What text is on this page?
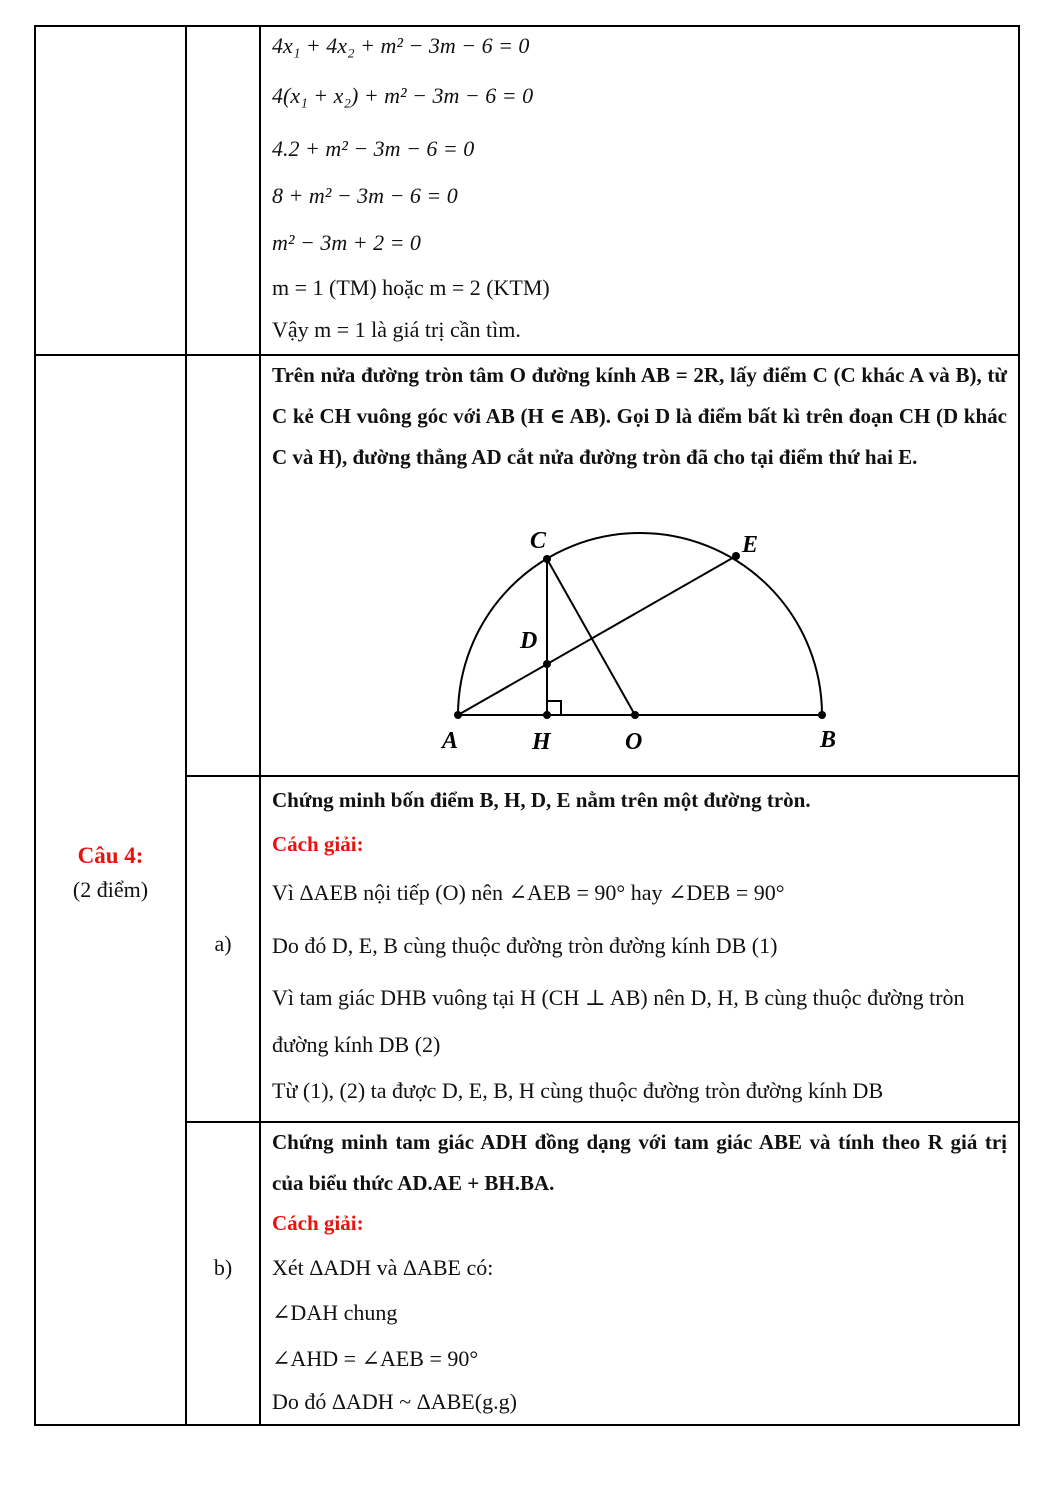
4x₁ + 4x₂ + m² − 3m − 6 = 0
4(x₁ + x₂) + m² − 3m − 6 = 0
4.2 + m² − 3m − 6 = 0
8 + m² − 3m − 6 = 0
m² − 3m + 2 = 0
m = 1 (TM) hoặc m = 2 (KTM)
Vậy m = 1 là giá trị cần tìm.
Câu 4:
(2 điểm)
Trên nửa đường tròn tâm O đường kính AB = 2R, lấy điểm C (C khác A và B), từ C kẻ CH vuông góc với AB (H ∈ AB). Gọi D là điểm bất kì trên đoạn CH (D khác C và H), đường thẳng AD cắt nửa đường tròn đã cho tại điểm thứ hai E.
C	E
D
A	H	O	B
a)
Chứng minh bốn điểm B, H, D, E nằm trên một đường tròn.
Cách giải:
Vì ΔAEB nội tiếp (O) nên ∠AEB = 90° hay ∠DEB = 90°
Do đó D, E, B cùng thuộc đường tròn đường kính DB (1)
Vì tam giác DHB vuông tại H (CH ⊥ AB) nên D, H, B cùng thuộc đường tròn
đường kính DB (2)
Từ (1), (2) ta được D, E, B, H cùng thuộc đường tròn đường kính DB
b)
Chứng minh tam giác ADH đồng dạng với tam giác ABE và tính theo R giá trị của biểu thức AD.AE + BH.BA.
Cách giải:
Xét ΔADH và ΔABE có:
∠DAH chung
∠AHD = ∠AEB = 90°
Do đó ΔADH ~ ΔABE(g.g)
